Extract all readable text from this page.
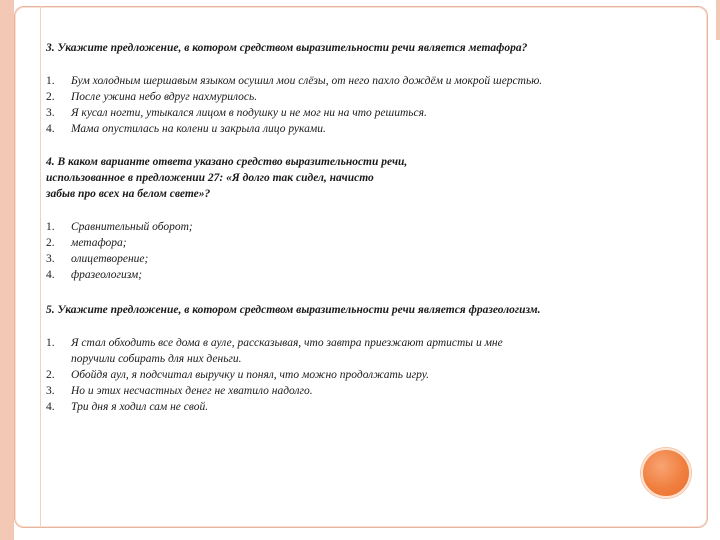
3. Укажите предложение, в котором средством выразительности речи является метафора?

1. Бум холодным шершавым языком осушил мои слёзы, от него пахло дождём и мокрой шерстью.
2. После ужина небо вдруг нахмурилось.
3. Я кусал ногти, утыкался лицом в подушку и не мог ни на что решиться.
4. Мама опустилась на колени и закрыла лицо руками.

4. В каком варианте ответа указано средство выразительности речи,
использованное в предложении 27: «Я долго так сидел, начисто
забыв про всех на белом свете»?

1. Сравнительный оборот;
2. метафора;
3. олицетворение;
4. фразеологизм;

5. Укажите предложение, в котором средством выразительности речи является фразеологизм.

1. Я стал обходить все дома в ауле, рассказывая, что завтра приезжают артисты и мне
поручили собирать для них деньги.
2. Обойдя аул, я подсчитал выручку и понял, что можно продолжать игру.
3. Но и этих несчастных денег не хватило надолго.
4. Три дня я ходил сам не свой.
